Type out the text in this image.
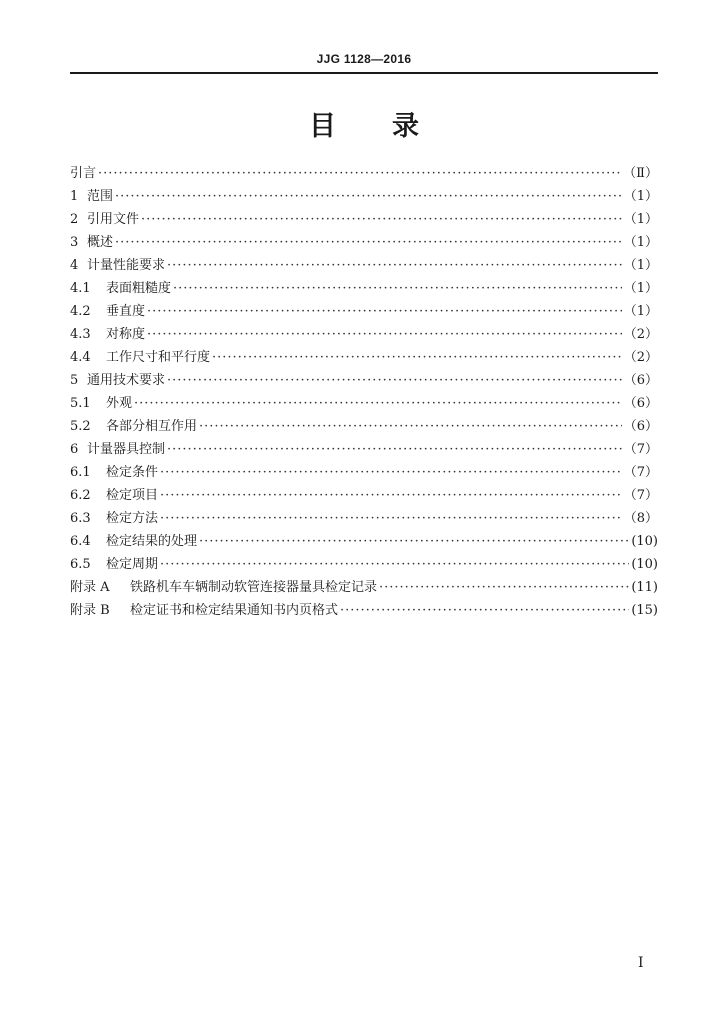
JJG 1128—2016
目 录
引言 ·····	（Ⅱ）
1 范围 ·····	（1）
2 引用文件 ·····	（1）
3 概述 ·····	（1）
4 计量性能要求 ·····	（1）
4.1	表面粗糙度 ·····	（1）
4.2	垂直度 ·····	（1）
4.3	对称度 ·····	（2）
4.4	工作尺寸和平行度 ·····	（2）
5 通用技术要求 ·····	（6）
5.1	外观 ·····	（6）
5.2	各部分相互作用 ·····	（6）
6 计量器具控制 ·····	（7）
6.1	检定条件 ·····	（7）
6.2	检定项目 ·····	（7）
6.3	检定方法 ·····	（8）
6.4	检定结果的处理 ·····	(10)
6.5	检定周期 ·····	(10)
附录 A	铁路机车车辆制动软管连接器量具检定记录 ·····	(11)
附录 B	检定证书和检定结果通知书内页格式 ·····	(15)
I
